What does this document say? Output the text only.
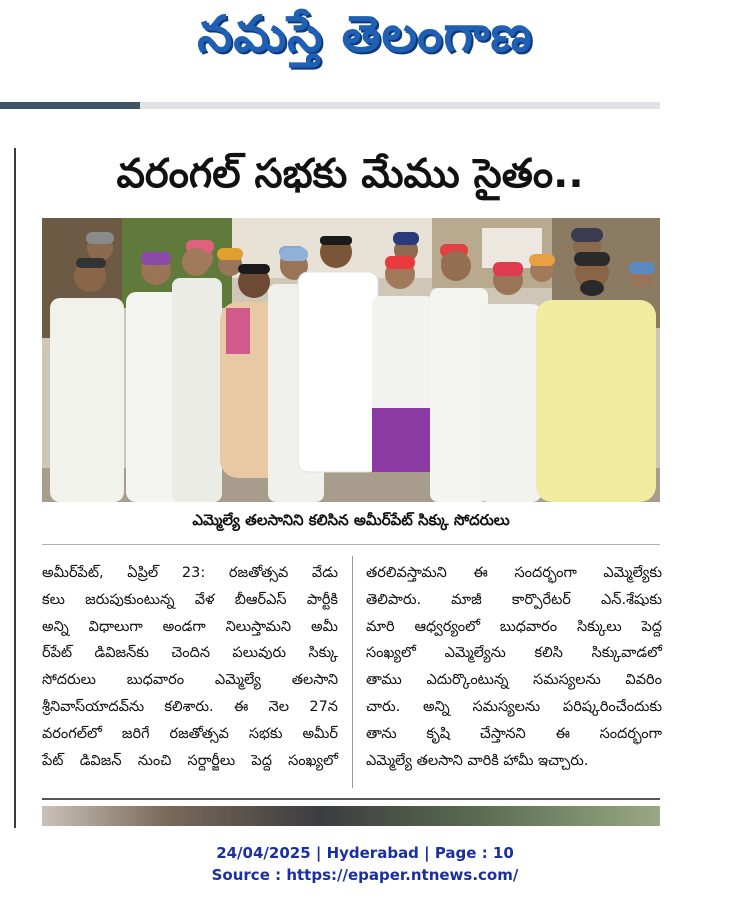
నమస్తే తెలంగాణ
వరంగల్ సభకు మేము సైతం..
ఎమ్మెల్యే తలసానిని కలిసిన అమీర్‌పేట్ సిక్కు సోదరులు

అమీర్‌పేట్, ఏప్రిల్ 23: రజతోత్సవ వేడు

కలు జరుపుకుంటున్న వేళ బీఆర్ఎస్ పార్టీకి

అన్ని విధాలుగా అండగా నిలుస్తామని అమీ

ర్‌పేట్ డివిజన్‌కు చెందిన పలువురు సిక్కు

సోదరులు బుధవారం ఎమ్మెల్యే తలసాని

శ్రీనివాస్‌యాదవ్‌ను కలిశారు. ఈ నెల 27న

వరంగల్‌లో జరిగే రజతోత్సవ సభకు అమీర్

పేట్ డివిజన్ నుంచి సర్దార్జీలు పెద్ద సంఖ్యలో

తరలివస్తామని ఈ సందర్భంగా ఎమ్మెల్యేకు

తెలిపారు. మాజీ కార్పొరేటర్ ఎన్.శేషుకు

మారి ఆధ్వర్యంలో బుధవారం సిక్కులు పెద్ద

సంఖ్యలో ఎమ్మెల్యేను కలిసి సిక్కువాడలో

తాము ఎదుర్కొంటున్న సమస్యలను వివరిం

చారు. అన్ని సమస్యలను పరిష్కరించేందుకు

తాను కృషి చేస్తానని ఈ సందర్భంగా

ఎమ్మెల్యే తలసాని వారికి హామీ ఇచ్చారు.

24/04/2025 | Hyderabad | Page : 10
Source : https://epaper.ntnews.com/
